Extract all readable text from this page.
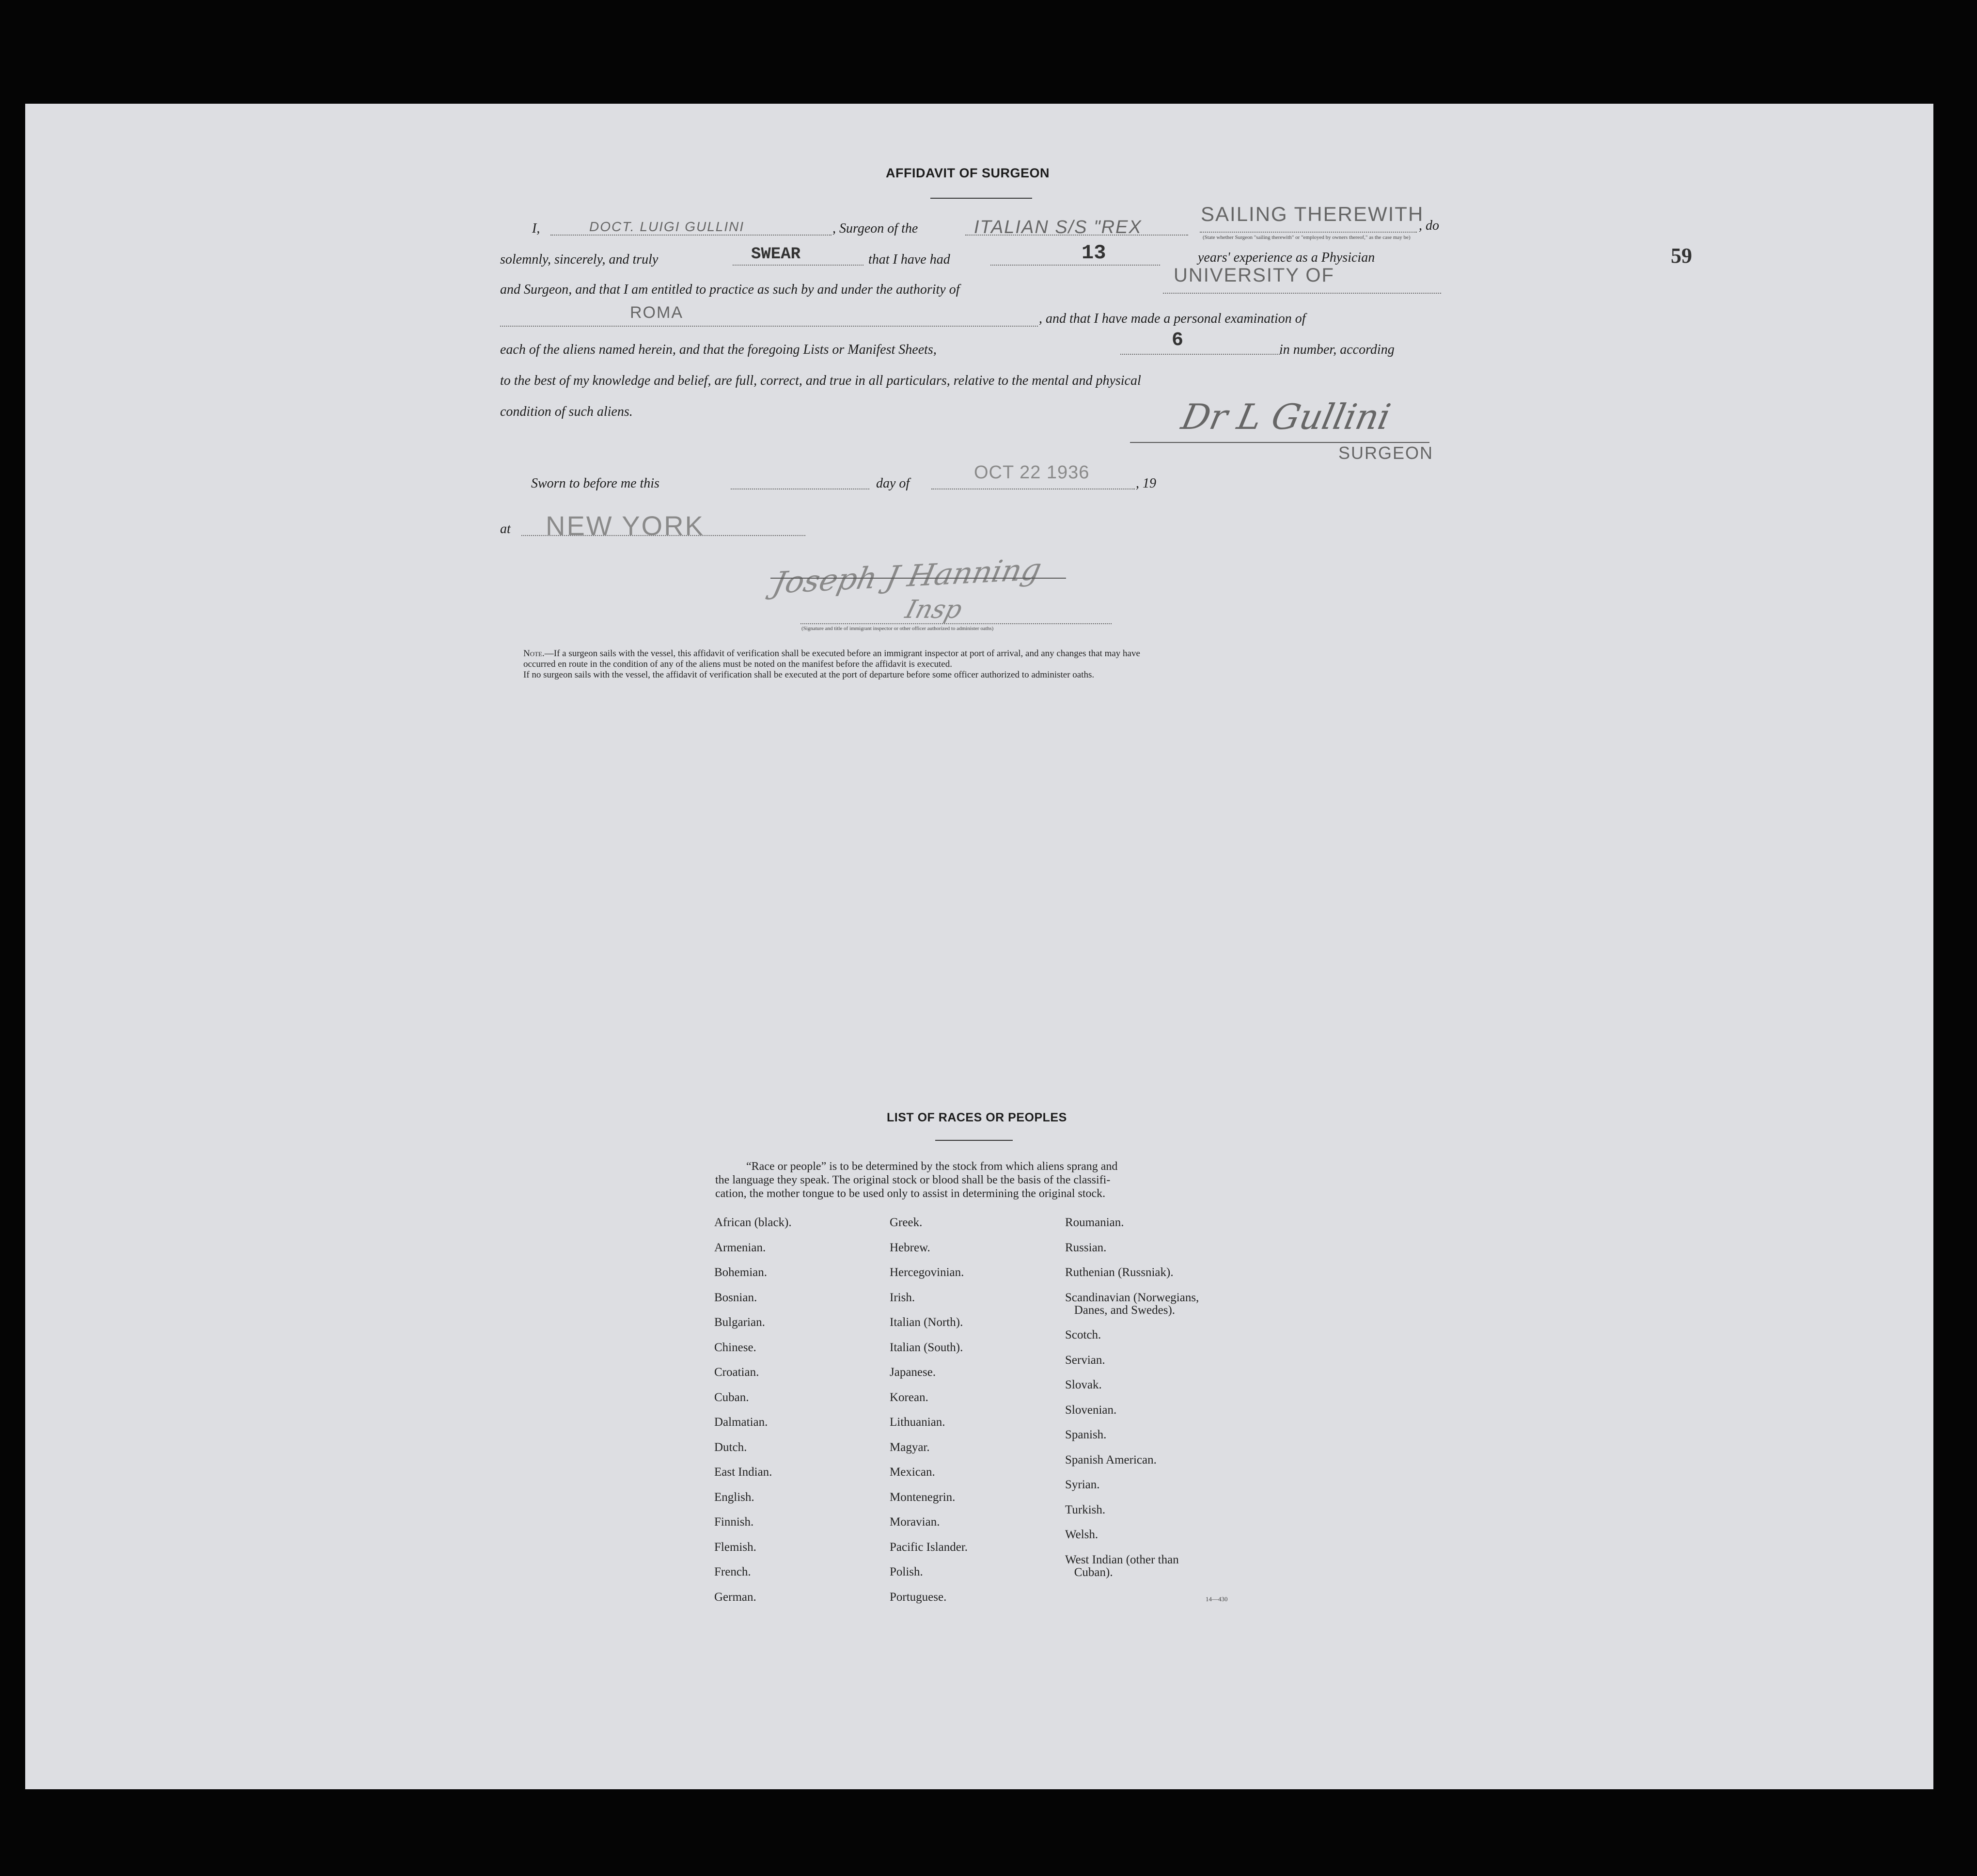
59
AFFIDAVIT OF SURGEON
I,	DOCT. LUIGI GULLINI	, Surgeon of the	ITALIAN S/S "REX
SAILING THEREWITH
(State whether Surgeon "sailing therewith" or "employed by owners thereof," as the case may be)
, do
solemnly, sincerely, and truly	SWEAR	that I have had	13	years' experience as a Physician
and Surgeon, and that I am entitled to practice as such by and under the authority of
UNIVERSITY OF
ROMA	, and that I have made a personal examination of
each of the aliens named herein, and that the foregoing Lists or Manifest Sheets,	6	in number, according
to the best of my knowledge and belief, are full, correct, and true in all particulars, relative to the mental and physical
condition of such aliens.	Dr L Gullini
SURGEON
Sworn to before me this	day of
OCT 22 1936
, 19
at NEW YORK
Joseph J Hanning
Insp
(Signature and title of immigrant inspector or other officer authorized to administer oaths)
Note.—If a surgeon sails with the vessel, this affidavit of verification shall be executed before an immigrant inspector at port of arrival, and any changes that may have
occurred en route in the condition of any of the aliens must be noted on the manifest before the affidavit is executed.
If no surgeon sails with the vessel, the affidavit of verification shall be executed at the port of departure before some officer authorized to administer oaths.
LIST OF RACES OR PEOPLES
“Race or people” is to be determined by the stock from which aliens sprang and
the language they speak. The original stock or blood shall be the basis of the classifi-
cation, the mother tongue to be used only to assist in determining the original stock.
African (black).
Armenian.
Bohemian.
Bosnian.
Bulgarian.
Chinese.
Croatian.
Cuban.
Dalmatian.
Dutch.
East Indian.
English.
Finnish.
Flemish.
French.
German.
Greek.
Hebrew.
Hercegovinian.
Irish.
Italian (North).
Italian (South).
Japanese.
Korean.
Lithuanian.
Magyar.
Mexican.
Montenegrin.
Moravian.
Pacific Islander.
Polish.
Portuguese.
Roumanian.
Russian.
Ruthenian (Russniak).
Scandinavian (Norwegians,
Danes, and Swedes).
Scotch.
Servian.
Slovak.
Slovenian.
Spanish.
Spanish American.
Syrian.
Turkish.
Welsh.
West Indian (other than
Cuban).
14—430
